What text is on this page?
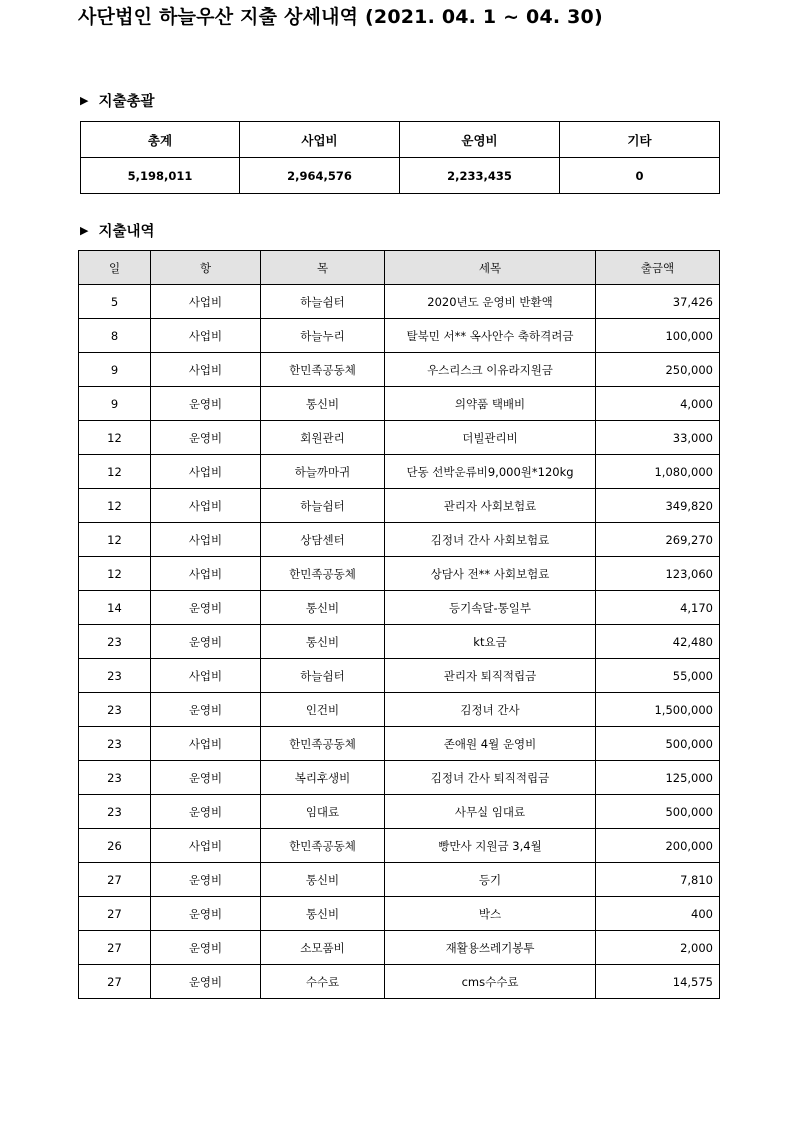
사단법인 하늘우산 지출 상세내역 (2021. 04. 1 ~ 04. 30)
▶ 지출총괄
총계	사업비	운영비	기타
5,198,011	2,964,576	2,233,435	0
▶ 지출내역
일	항	목	세목	출금액
5	사업비	하늘쉼터	2020년도 운영비 반환액	37,426
8	사업비	하늘누리	탈북민 서** 옥사안수 축하격려금	100,000
9	사업비	한민족공동체	우스리스크 이유라지원금	250,000
9	운영비	통신비	의약품 택배비	4,000
12	운영비	회원관리	더빌관리비	33,000
12	사업비	하늘까마귀	단동 선박운류비9,000원*120kg	1,080,000
12	사업비	하늘쉼터	관리자 사회보험료	349,820
12	사업비	상담센터	김정녀 간사 사회보험료	269,270
12	사업비	한민족공동체	상담사 전** 사회보험료	123,060
14	운영비	통신비	등기속달-통일부	4,170
23	운영비	통신비	kt요금	42,480
23	사업비	하늘쉼터	관리자 퇴직적립금	55,000
23	운영비	인건비	김정녀 간사	1,500,000
23	사업비	한민족공동체	존애원 4월 운영비	500,000
23	운영비	복리후생비	김정녀 간사 퇴직적립금	125,000
23	운영비	임대료	사무실 임대료	500,000
26	사업비	한민족공동체	빵만사 지원금 3,4월	200,000
27	운영비	통신비	등기	7,810
27	운영비	통신비	박스	400
27	운영비	소모품비	재활용쓰레기봉투	2,000
27	운영비	수수료	cms수수료	14,575
